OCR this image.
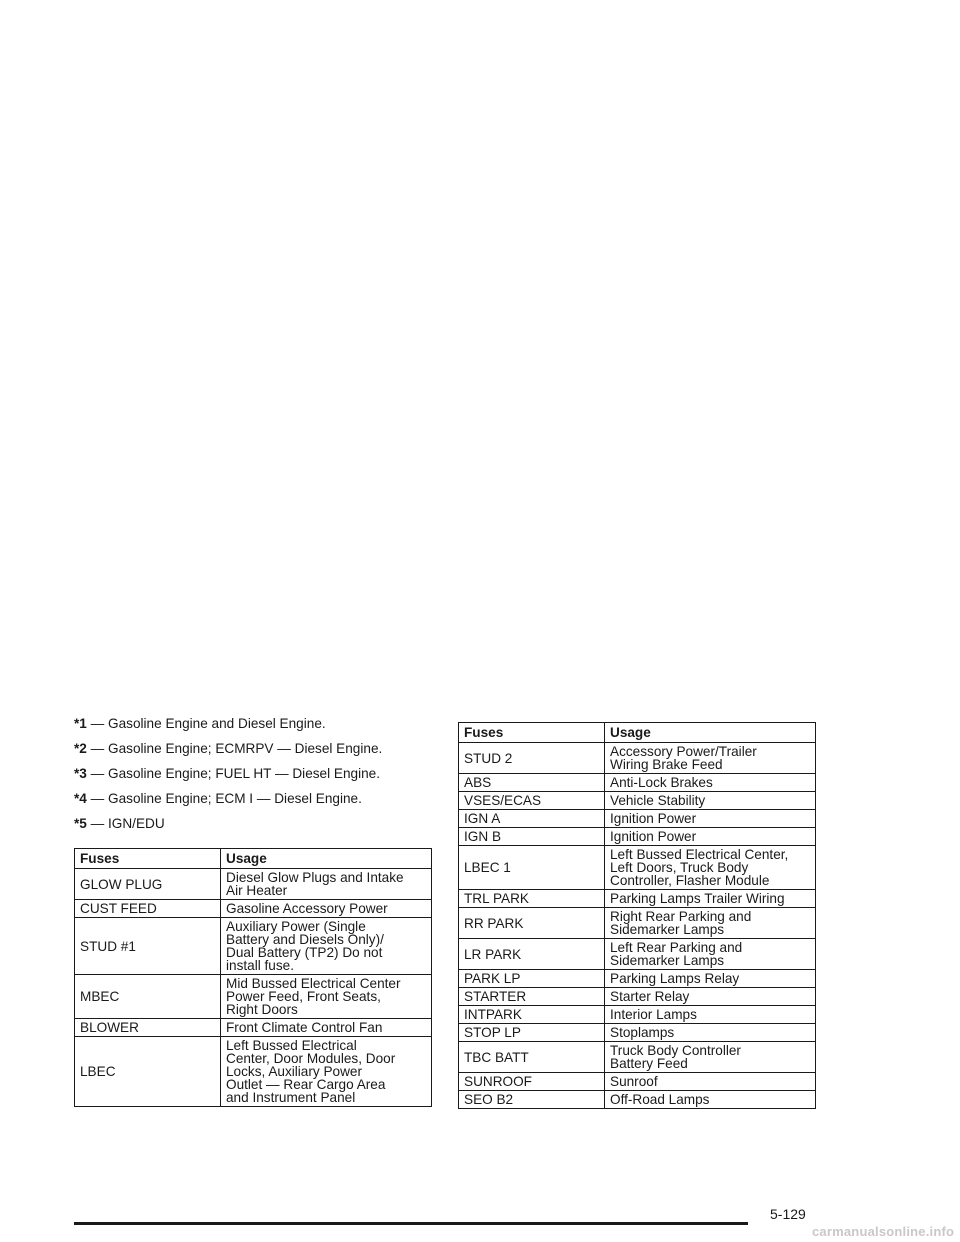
*1 — Gasoline Engine and Diesel Engine.

*2 — Gasoline Engine; ECMRPV — Diesel Engine.

*3 — Gasoline Engine; FUEL HT — Diesel Engine.

*4 — Gasoline Engine; ECM I — Diesel Engine.

*5 — IGN/EDU

Fuses	Usage
GLOW PLUG	Diesel Glow Plugs and Intake
Air Heater
CUST FEED	Gasoline Accessory Power
STUD #1	Auxiliary Power (Single
Battery and Diesels Only)/
Dual Battery (TP2) Do not
install fuse.
MBEC	Mid Bussed Electrical Center
Power Feed, Front Seats,
Right Doors
BLOWER	Front Climate Control Fan
LBEC	Left Bussed Electrical
Center, Door Modules, Door
Locks, Auxiliary Power
Outlet — Rear Cargo Area
and Instrument Panel
Fuses	Usage
STUD 2	Accessory Power/Trailer
Wiring Brake Feed
ABS	Anti-Lock Brakes
VSES/ECAS	Vehicle Stability
IGN A	Ignition Power
IGN B	Ignition Power
LBEC 1	Left Bussed Electrical Center,
Left Doors, Truck Body
Controller, Flasher Module
TRL PARK	Parking Lamps Trailer Wiring
RR PARK	Right Rear Parking and
Sidemarker Lamps
LR PARK	Left Rear Parking and
Sidemarker Lamps
PARK LP	Parking Lamps Relay
STARTER	Starter Relay
INTPARK	Interior Lamps
STOP LP	Stoplamps
TBC BATT	Truck Body Controller
Battery Feed
SUNROOF	Sunroof
SEO B2	Off-Road Lamps
5-129
carmanualsonline.info
